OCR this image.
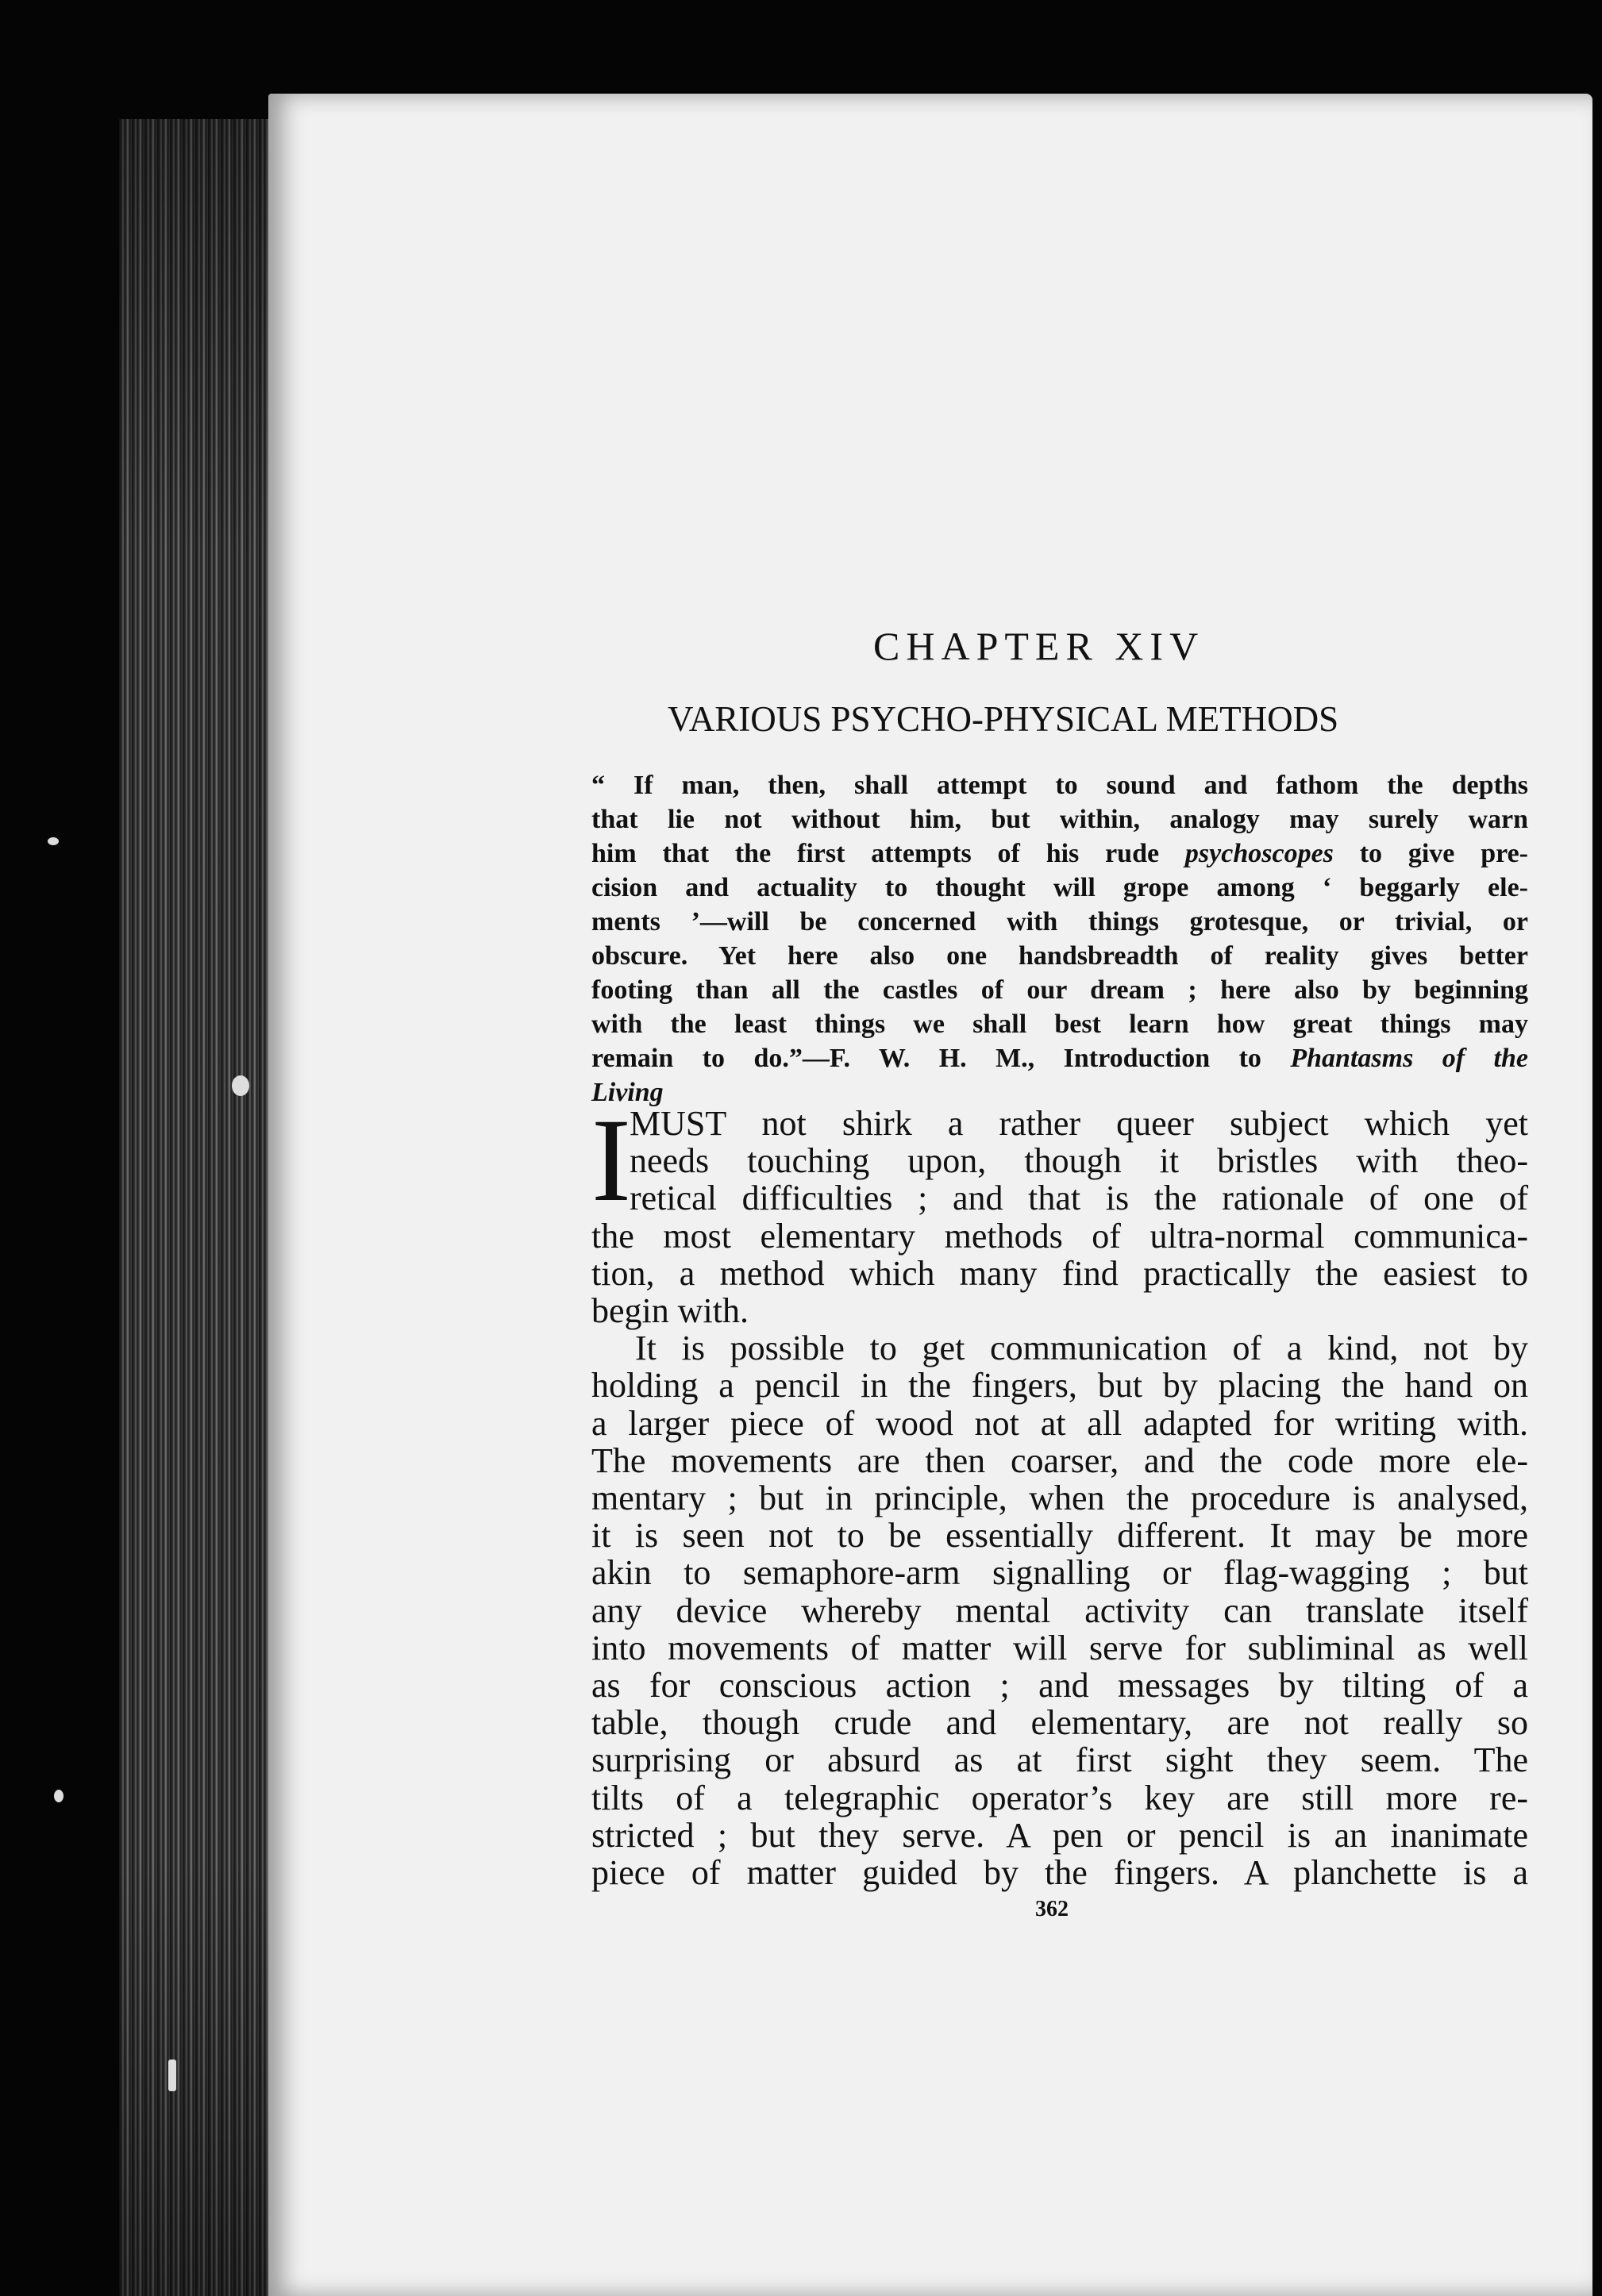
CHAPTER XIV
VARIOUS PSYCHO-PHYSICAL METHODS
“ If man, then, shall attempt to sound and fathom the depths
that lie not without him, but within, analogy may surely warn
him that the first attempts of his rude psychoscopes to give pre-
cision and actuality to thought will grope among ‘ beggarly ele-
ments ’—will be concerned with things grotesque, or trivial, or
obscure. Yet here also one handsbreadth of reality gives better
footing than all the castles of our dream ; here also by beginning
with the least things we shall best learn how great things may
remain to do.”—F. W. H. M., Introduction to Phantasms of the
Living
I
MUST not shirk a rather queer subject which yet
needs touching upon, though it bristles with theo-
retical difficulties ; and that is the rationale of one of
the most elementary methods of ultra-normal communica-
tion, a method which many find practically the easiest to
begin with.
It is possible to get communication of a kind, not by
holding a pencil in the fingers, but by placing the hand on
a larger piece of wood not at all adapted for writing with.
The movements are then coarser, and the code more ele-
mentary ; but in principle, when the procedure is analysed,
it is seen not to be essentially different. It may be more
akin to semaphore-arm signalling or flag-wagging ; but
any device whereby mental activity can translate itself
into movements of matter will serve for subliminal as well
as for conscious action ; and messages by tilting of a
table, though crude and elementary, are not really so
surprising or absurd as at first sight they seem. The
tilts of a telegraphic operator’s key are still more re-
stricted ; but they serve. A pen or pencil is an inanimate
piece of matter guided by the fingers. A planchette is a
362
